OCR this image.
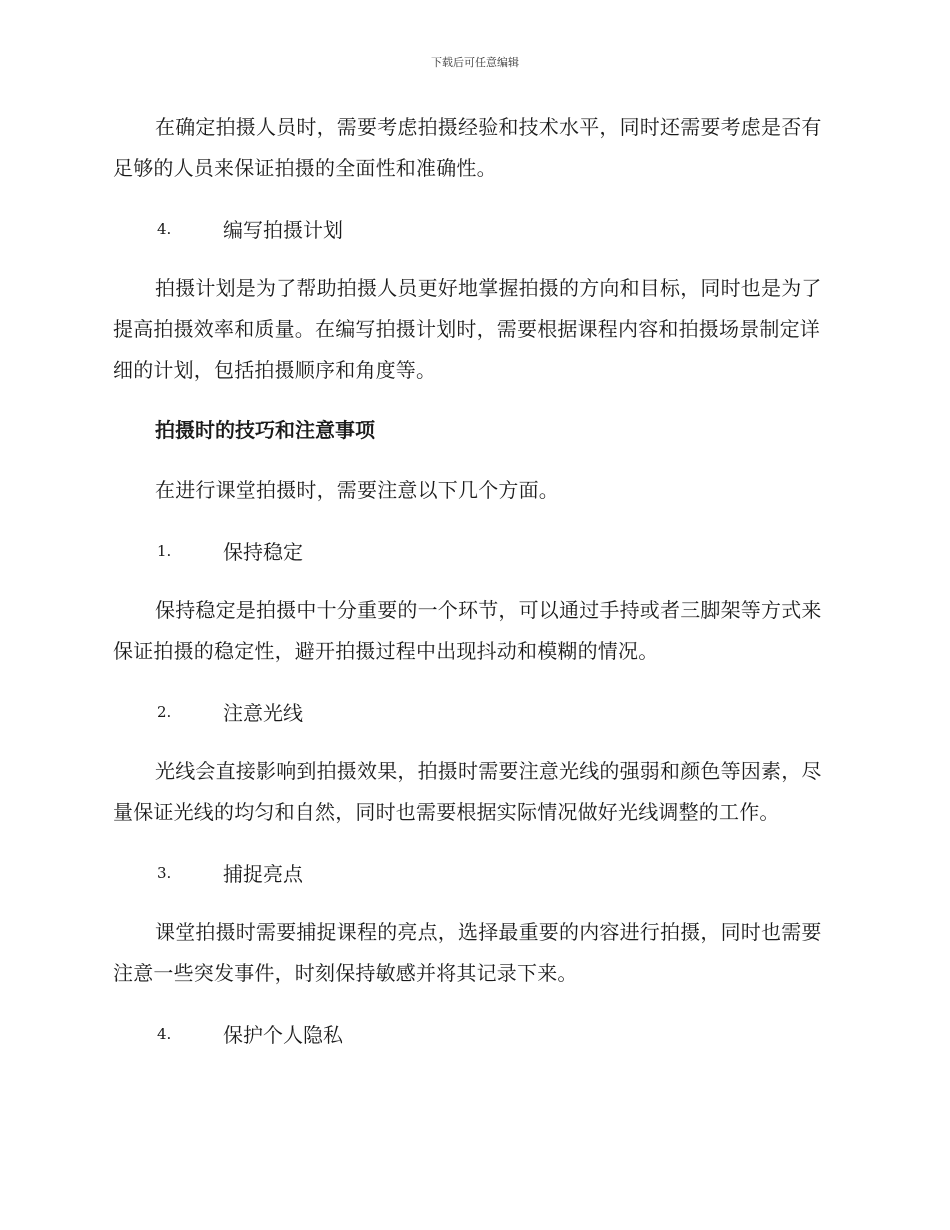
下载后可任意编辑

在确定拍摄人员时，需要考虑拍摄经验和技术水平，同时还需要考虑是否有足够的人员来保证拍摄的全面性和准确性。

4.	编写拍摄计划

拍摄计划是为了帮助拍摄人员更好地掌握拍摄的方向和目标，同时也是为了提高拍摄效率和质量。在编写拍摄计划时，需要根据课程内容和拍摄场景制定详细的计划，包括拍摄顺序和角度等。

拍摄时的技巧和注意事项

在进行课堂拍摄时，需要注意以下几个方面。

1.	保持稳定

保持稳定是拍摄中十分重要的一个环节，可以通过手持或者三脚架等方式来保证拍摄的稳定性，避开拍摄过程中出现抖动和模糊的情况。

2.	注意光线

光线会直接影响到拍摄效果，拍摄时需要注意光线的强弱和颜色等因素，尽量保证光线的均匀和自然，同时也需要根据实际情况做好光线调整的工作。

3.	捕捉亮点

课堂拍摄时需要捕捉课程的亮点，选择最重要的内容进行拍摄，同时也需要注意一些突发事件，时刻保持敏感并将其记录下来。

4.	保护个人隐私
